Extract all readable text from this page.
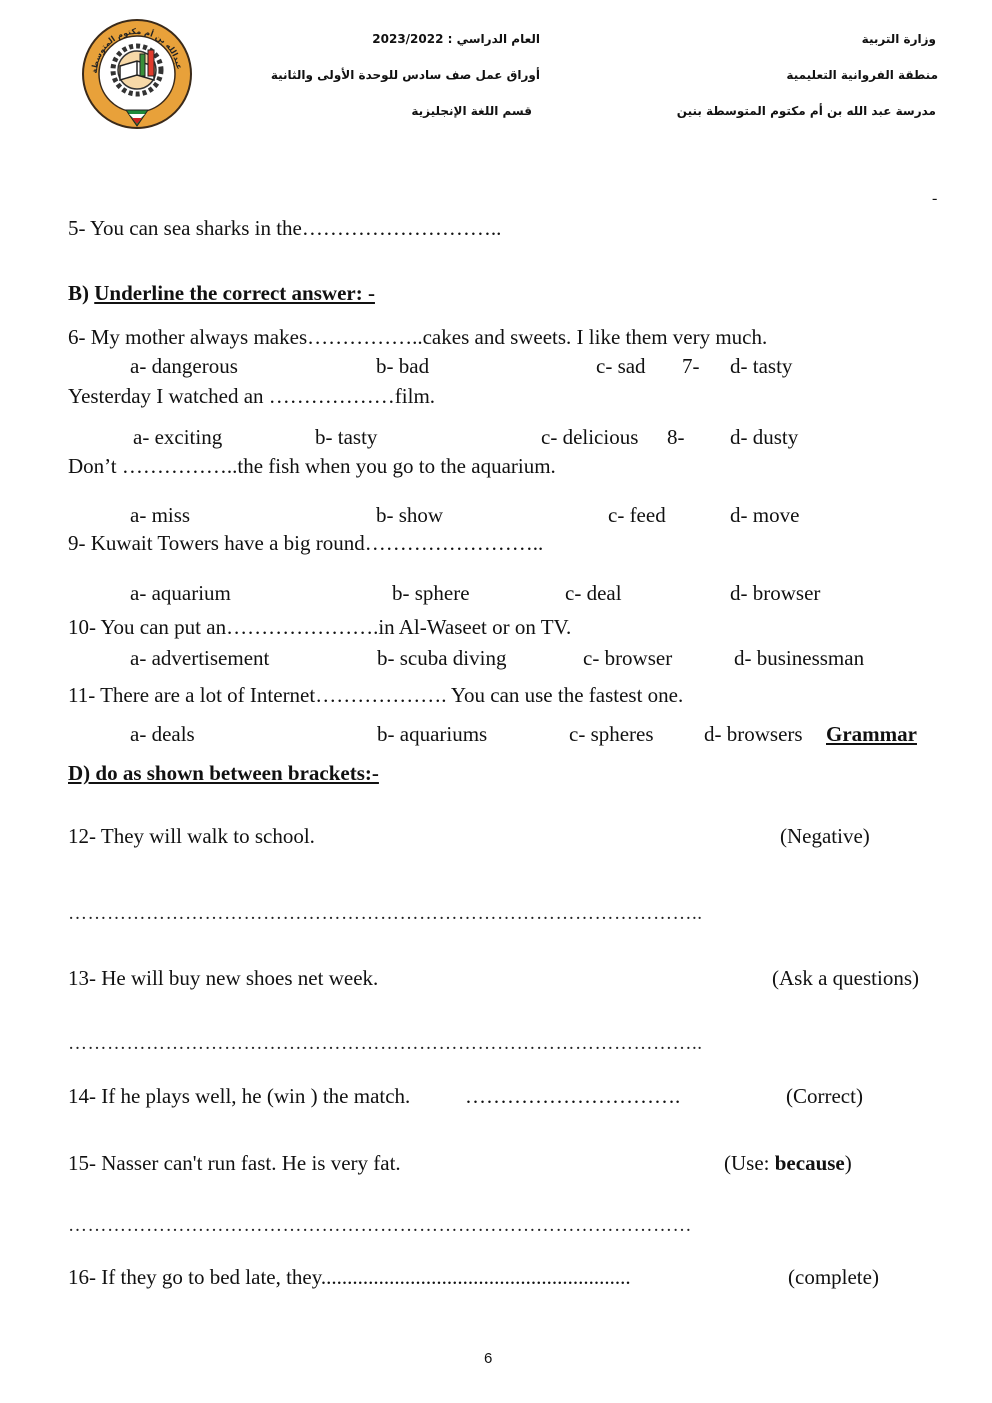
عبدالله بن أم مكتوم المتوسطة	العام الدراسي : 2023/2022
أوراق عمل صف سادس للوحدة الأولى والثانية
قسم اللغة الإنجليزية
وزارة التربية
منطقة الفروانية التعليمية
مدرسة عبد الله بن أم مكتوم المتوسطة بنين
-
5- You can sea sharks in the………………………..
B) Underline the correct answer: -
6- My mother always makes……………..cakes and sweets. I like them very much.
a- dangerous	b- bad	c- sad 7- d- tasty
Yesterday I watched an ………………film.
a- exciting	b- tasty	c- delicious 8- d- dusty
Don’t ……………..the fish when you go to the aquarium.
a- miss	b- show	c- feed	d- move
9- Kuwait Towers have a big round……………………..
a- aquarium	b- sphere	c- deal	d- browser
10- You can put an………………….in Al-Waseet or on TV.
a- advertisement	b- scuba diving	c- browser	d- businessman
11- There are a lot of Internet………………. You can use the fastest one.
a- deals	b- aquariums	c- spheres d- browsers Grammar
D) do as shown between brackets:-
12- They will walk to school.	(Negative)
……………………………………………………………………………………..
13- He will buy new shoes net week.	(Ask a questions)
……………………………………………………………………………………..
14- If he plays well, he (win ) the match.	………………………….	(Correct)
15- Nasser can't run fast. He is very fat.	(Use: because)
……………………………………………………………………………………
16- If they go to bed late, they...........................................................	(complete)
6
